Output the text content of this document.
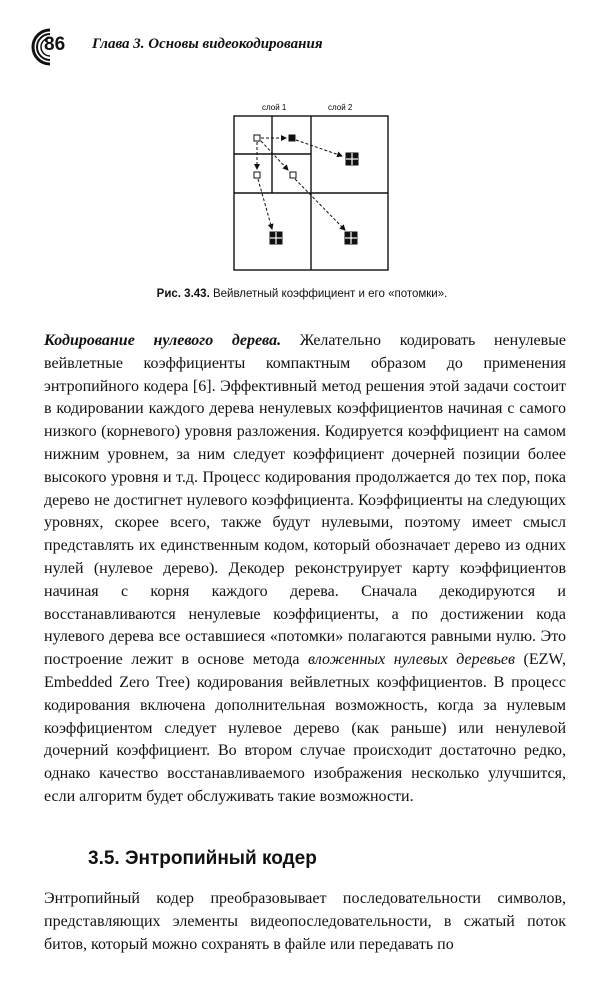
86 Глава 3. Основы видеокодирования
слой 1	слой 2
Рис. 3.43. Вейвлетный коэффициент и его «потомки».

Кодирование нулевого дерева. Желательно кодировать ненулевые вейвлетные коэффициенты компактным образом до применения энтропийного кодера [6]. Эффективный метод решения этой задачи состоит в кодировании каждого дерева ненулевых коэффициентов начиная с самого низкого (корневого) уровня разложения. Кодируется коэффициент на самом нижним уровнем, за ним следует коэффициент дочерней позиции более высокого уровня и т.д. Процесс кодирования продолжается до тех пор, пока дерево не достигнет нулевого коэффициента. Коэффициенты на следующих уровнях, скорее всего, также будут нулевыми, поэтому имеет смысл представлять их единственным кодом, который обозначает дерево из одних нулей (нулевое дерево). Декодер реконструирует карту коэффициентов начиная с корня каждого дерева. Сначала декодируются и восстанавливаются ненулевые коэффициенты, а по достижении кода нулевого дерева все оставшиеся «потомки» полагаются равными нулю. Это построение лежит в основе метода вложенных нулевых деревьев (EZW, Embedded Zero Tree) кодирования вейвлетных коэффициентов. В процесс кодирования включена дополнительная возможность, когда за нулевым коэффициентом следует нулевое дерево (как раньше) или ненулевой дочерний коэффициент. Во втором случае происходит достаточно редко, однако качество восстанавливаемого изображения несколько улучшится, если алгоритм будет обслуживать такие возможности.

3.5. Энтропийный кодер

Энтропийный кодер преобразовывает последовательности символов, представляющих элементы видеопоследовательности, в сжатый поток битов, который можно сохранять в файле или передавать по
